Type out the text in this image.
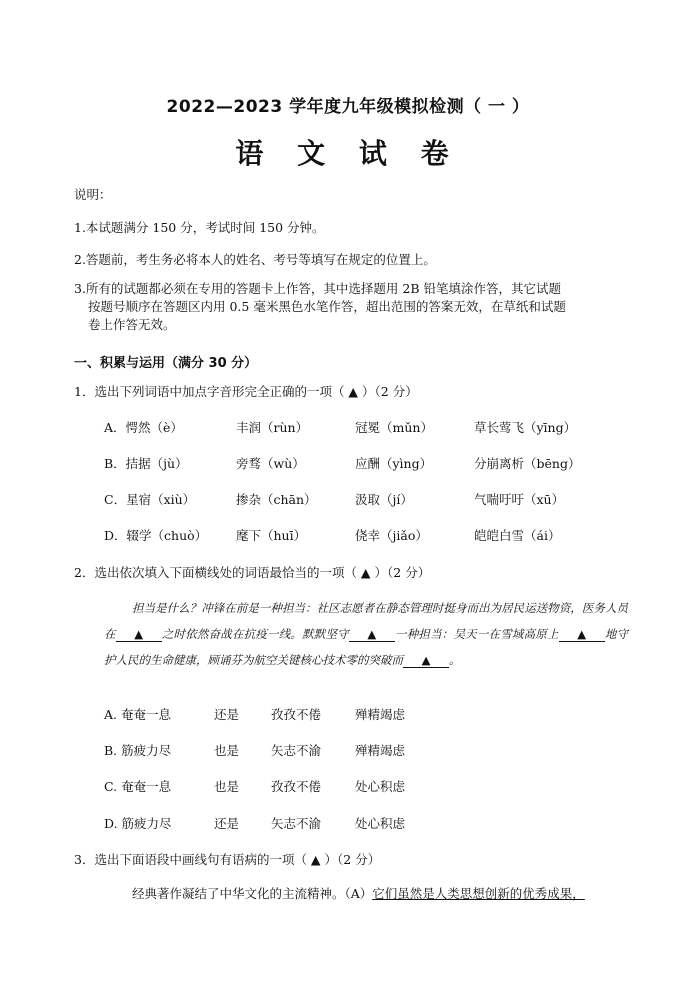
2022—2023 学年度九年级模拟检测（ 一 ）
语 文 试 卷
说明：
1.本试题满分 150 分，考试时间 150 分钟。
2.答题前，考生务必将本人的姓名、考号等填写在规定的位置上。
3.所有的试题都必须在专用的答题卡上作答，其中选择题用 2B 铅笔填涂作答，其它试题
按题号顺序在答题区内用 0.5 毫米黑色水笔作答，超出范围的答案无效，在草纸和试题
卷上作答无效。
一、积累与运用（满分 30 分）
1．选出下列词语中加点字音形完全正确的一项（ ▲ ）（2 分）
A．愕然（è）	丰润（rùn）	冠冕（mǔn）	草长莺飞（yīng）
B．拮据（jù）	旁骛（wù）	应酬（yìng）	分崩离析（bēng）
C．星宿（xiù）	掺杂（chān）	汲取（jí）	气喘吁吁（xū）
D．辍学（chuò） 麾下（huī）	侥幸（jiǎo）	皑皑白雪（ái）
2．选出依次填入下面横线处的词语最恰当的一项（ ▲ ）（2 分）
担当是什么？冲锋在前是一种担当：社区志愿者在静态管理时挺身而出为居民运送物资，医务人员在 ▲ 之时依然奋战在抗疫一线。默默坚守 ▲ 一种担当：吴天一在雪域高原上 ▲ 地守护人民的生命健康，顾诵芬为航空关键核心技术零的突破而 ▲ 。
A. 奄奄一息	还是	孜孜不倦	殚精竭虑
B. 筋疲力尽	也是	矢志不渝	殚精竭虑
C. 奄奄一息	也是	孜孜不倦	处心积虑
D. 筋疲力尽	还是	矢志不渝	处心积虑
3．选出下面语段中画线句有语病的一项（ ▲ ）（2 分）
经典著作凝结了中华文化的主流精神。（A）它们虽然是人类思想创新的优秀成果，
